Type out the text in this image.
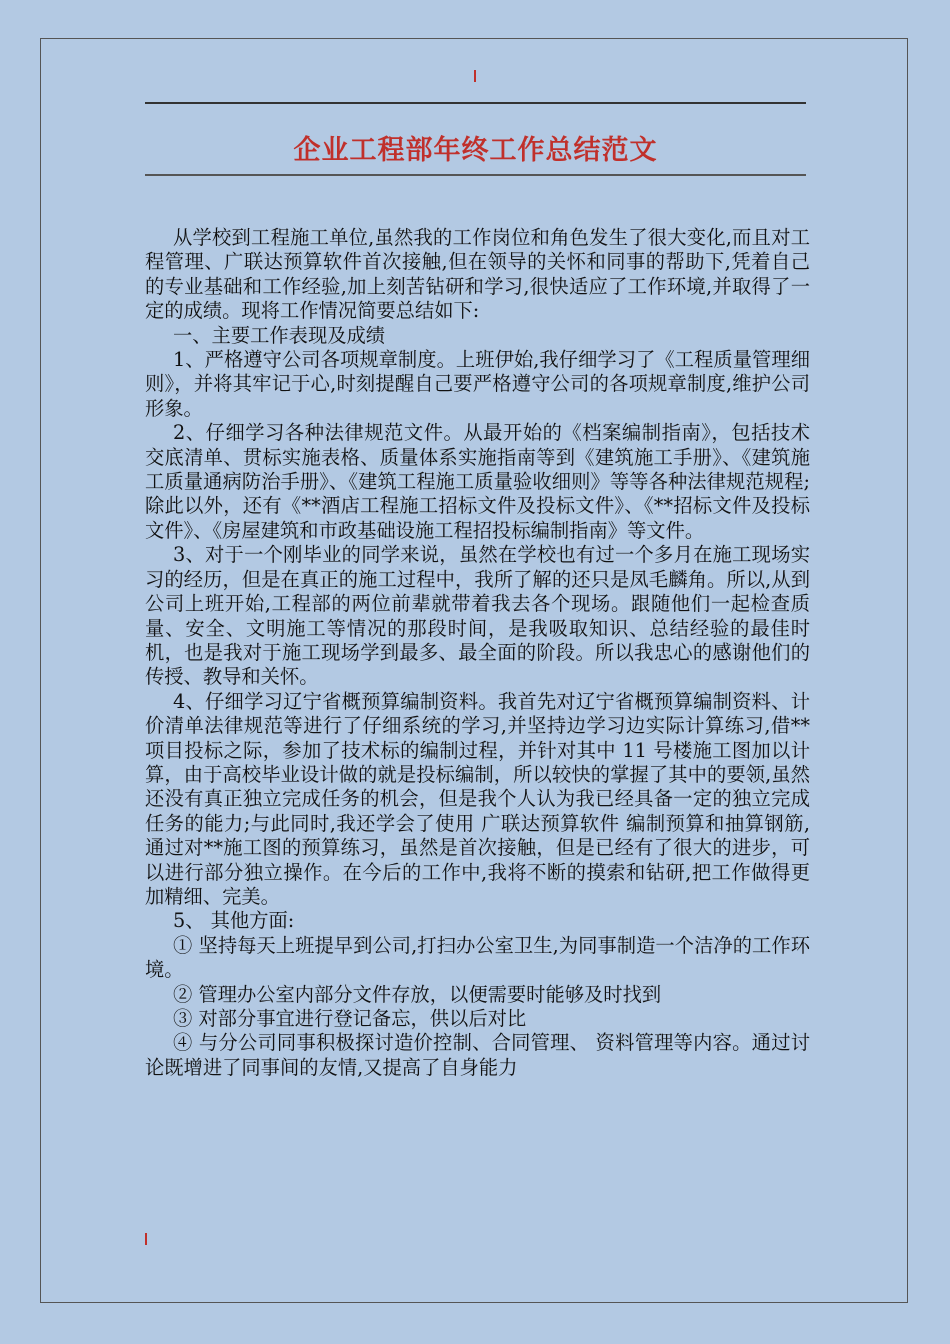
企业工程部年终工作总结范文

从学校到工程施工单位,虽然我的工作岗位和角色发生了很大变化,而且对工程管理、广联达预算软件首次接触,但在领导的关怀和同事的帮助下,凭着自己的专业基础和工作经验,加上刻苦钻研和学习,很快适应了工作环境,并取得了一定的成绩。现将工作情况简要总结如下:

一、主要工作表现及成绩

1、严格遵守公司各项规章制度。上班伊始,我仔细学习了《工程质量管理细则》，并将其牢记于心,时刻提醒自己要严格遵守公司的各项规章制度,维护公司形象。

2、仔细学习各种法律规范文件。从最开始的《档案编制指南》，包括技术交底清单、贯标实施表格、质量体系实施指南等到《建筑施工手册》、《建筑施工质量通病防治手册》、《建筑工程施工质量验收细则》等等各种法律规范规程;除此以外，还有《**酒店工程施工招标文件及投标文件》、《**招标文件及投标文件》、《房屋建筑和市政基础设施工程招投标编制指南》等文件。

3、对于一个刚毕业的同学来说，虽然在学校也有过一个多月在施工现场实习的经历，但是在真正的施工过程中，我所了解的还只是凤毛麟角。所以,从到公司上班开始,工程部的两位前辈就带着我去各个现场。跟随他们一起检查质量、安全、文明施工等情况的那段时间，是我吸取知识、总结经验的最佳时机，也是我对于施工现场学到最多、最全面的阶段。所以我忠心的感谢他们的传授、教导和关怀。

4、仔细学习辽宁省概预算编制资料。我首先对辽宁省概预算编制资料、计价清单法律规范等进行了仔细系统的学习,并坚持边学习边实际计算练习,借**项目投标之际，参加了技术标的编制过程，并针对其中 11 号楼施工图加以计算，由于高校毕业设计做的就是投标编制，所以较快的掌握了其中的要领,虽然还没有真正独立完成任务的机会，但是我个人认为我已经具备一定的独立完成任务的能力;与此同时,我还学会了使用 广联达预算软件 编制预算和抽算钢筋,通过对**施工图的预算练习，虽然是首次接触，但是已经有了很大的进步，可以进行部分独立操作。在今后的工作中,我将不断的摸索和钻研,把工作做得更加精细、完美。

5、 其他方面:

① 坚持每天上班提早到公司,打扫办公室卫生,为同事制造一个洁净的工作环境。

② 管理办公室内部分文件存放，以便需要时能够及时找到

③ 对部分事宜进行登记备忘，供以后对比

④ 与分公司同事积极探讨造价控制、合同管理、 资料管理等内容。通过讨论既增进了同事间的友情,又提高了自身能力
